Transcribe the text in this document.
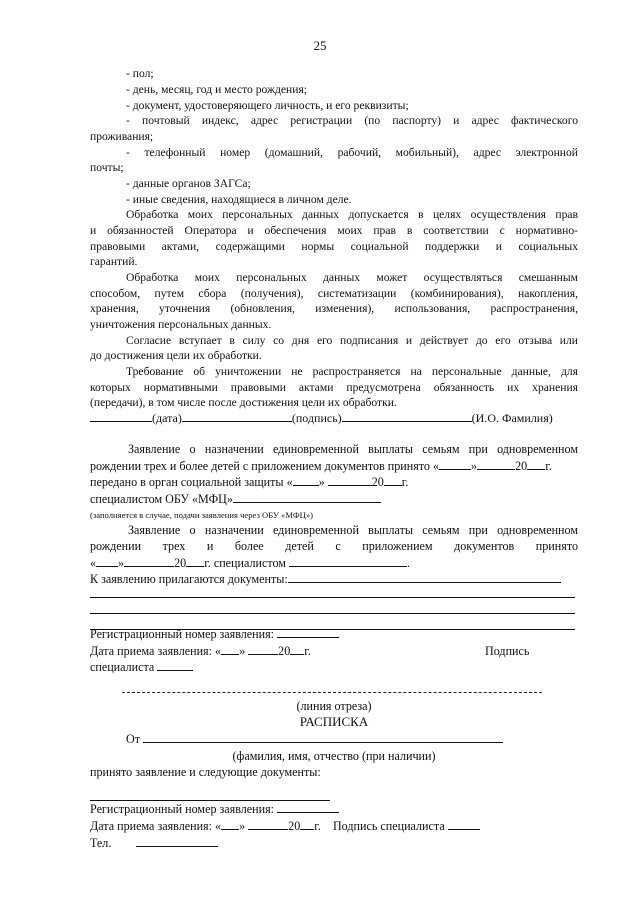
25
- пол;
- день, месяц, год и место рождения;
- документ, удостоверяющего личность, и его реквизиты;
- почтовый индекс, адрес регистрации (по паспорту) и адрес фактического
проживания;
- телефонный номер (домашний, рабочий, мобильный), адрес электронной
почты;
- данные органов ЗАГСа;
- иные сведения, находящиеся в личном деле.
Обработка моих персональных данных допускается в целях осуществления прав
и обязанностей Оператора и обеспечения моих прав в соответствии с нормативно-
правовыми актами, содержащими нормы социальной поддержки и социальных
гарантий.
Обработка моих персональных данных может осуществляться смешанным
способом, путем сбора (получения), систематизации (комбинирования), накопления,
хранения, уточнения (обновления, изменения), использования, распространения,
уничтожения персональных данных.
Согласие вступает в силу со дня его подписания и действует до его отзыва или
до достижения цели их обработки.
Требование об уничтожении не распространяется на персональные данные, для
которых нормативными правовыми актами предусмотрена обязанность их хранения
(передачи), в том числе после достижения цели их обработки.
(дата)	(подпись)	(И.О. Фамилия)
Заявление о назначении единовременной выплаты семьям при одновременном
рождении трех и более детей с приложением документов принято «	»	20 г.
передано в орган социальной защиты « »	20 г.
специалистом ОБУ «МФЦ»
(заполняется в случае, подачи заявления через ОБУ «МФЦ»)
Заявление о назначении единовременной выплаты семьям при одновременном
рождении трех и более детей с приложением документов принято
« »	20 г. специалистом	.
К заявлению прилагаются документы:
Регистрационный номер заявления:
Дата приема заявления: « »	20 г.	Подпись
специалиста
(линия отреза)
РАСПИСКА
От
(фамилия, имя, отчество (при наличии)
принято заявление и следующие документы:
Регистрационный номер заявления:
Дата приема заявления: « »	20 г. Подпись специалиста
Тел.
